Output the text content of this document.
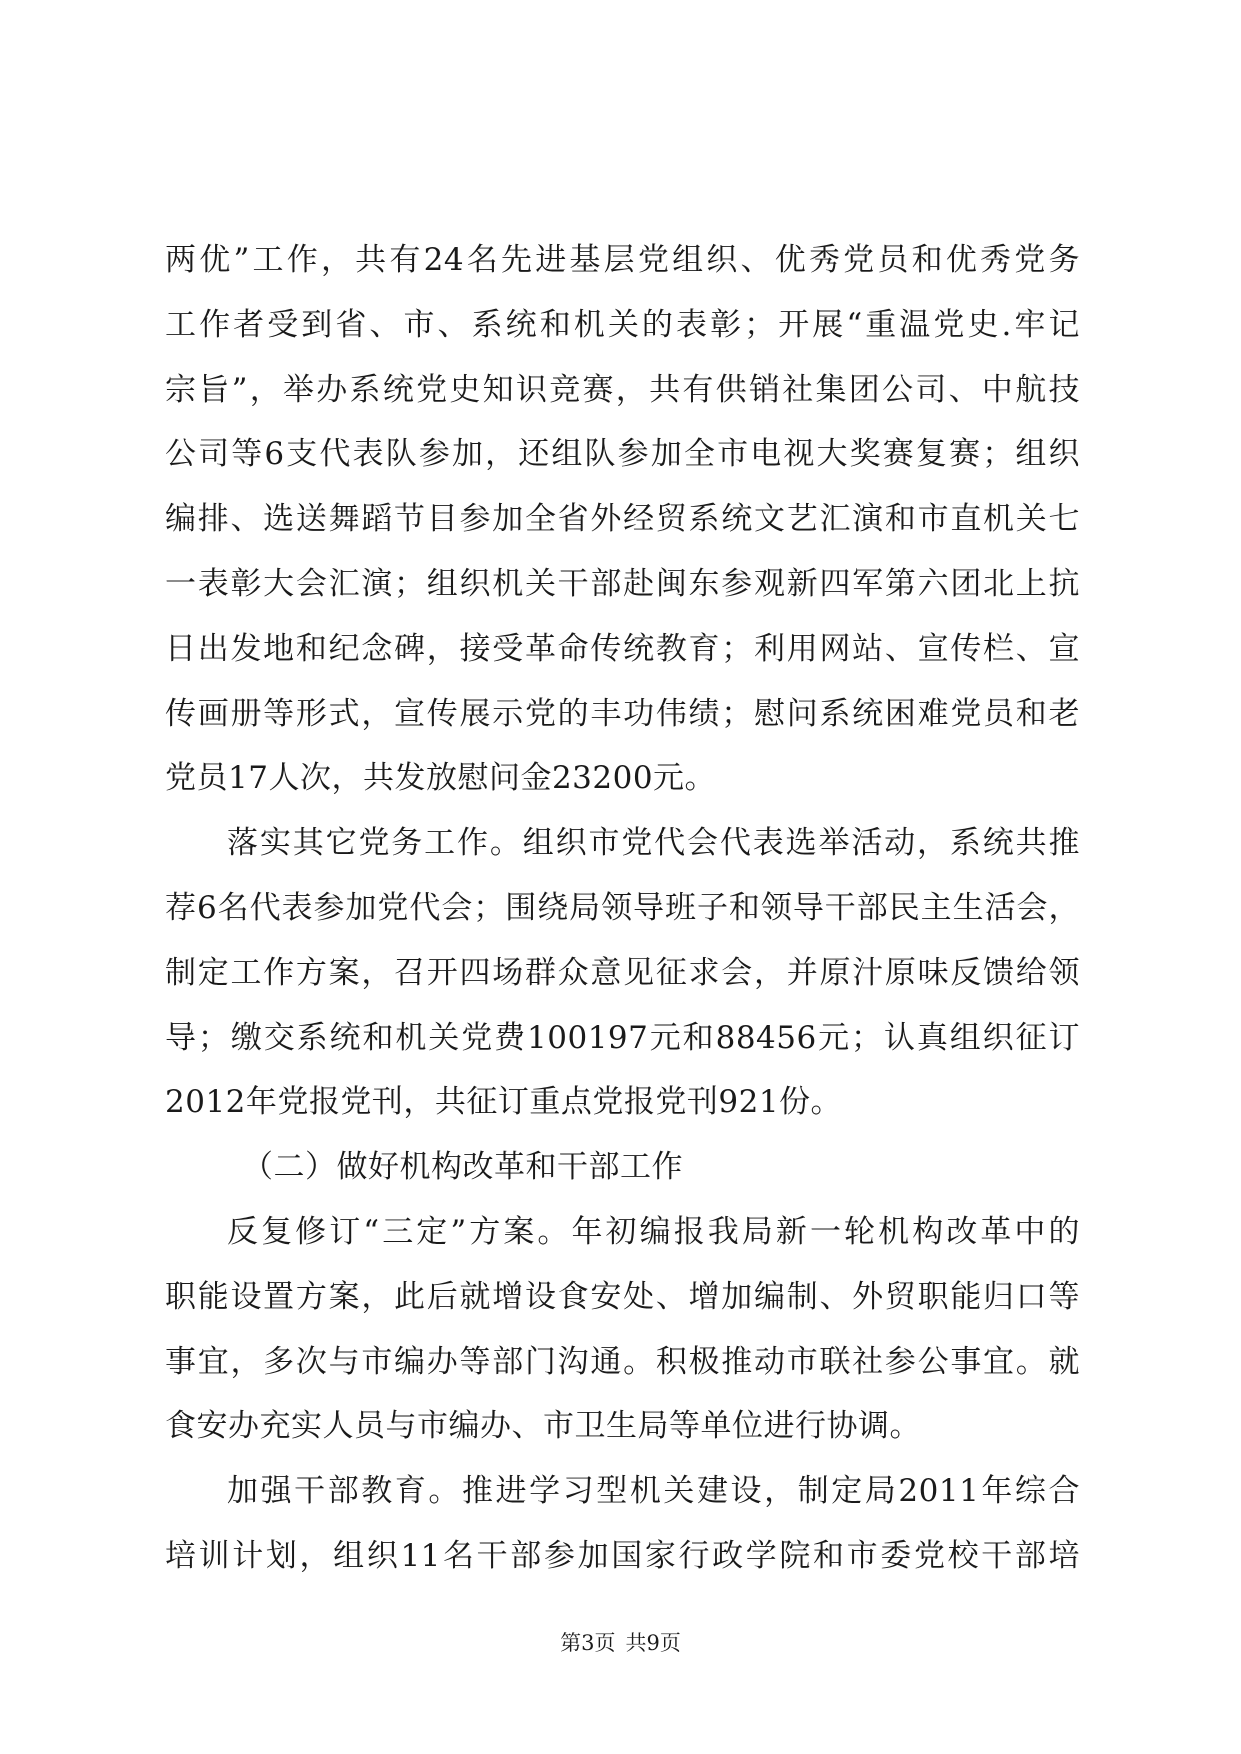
两优”工作，共有24名先进基层党组织、优秀党员和优秀党务
工作者受到省、市、系统和机关的表彰；开展“重温党史.牢记
宗旨”，举办系统党史知识竞赛，共有供销社集团公司、中航技
公司等6支代表队参加，还组队参加全市电视大奖赛复赛；组织
编排、选送舞蹈节目参加全省外经贸系统文艺汇演和市直机关七
一表彰大会汇演；组织机关干部赴闽东参观新四军第六团北上抗
日出发地和纪念碑，接受革命传统教育；利用网站、宣传栏、宣
传画册等形式，宣传展示党的丰功伟绩；慰问系统困难党员和老
党员17人次，共发放慰问金23200元。
落实其它党务工作。组织市党代会代表选举活动，系统共推
荐6名代表参加党代会；围绕局领导班子和领导干部民主生活会，
制定工作方案，召开四场群众意见征求会，并原汁原味反馈给领
导；缴交系统和机关党费100197元和88456元；认真组织征订
2012年党报党刊，共征订重点党报党刊921份。
（二）做好机构改革和干部工作
反复修订“三定”方案。年初编报我局新一轮机构改革中的
职能设置方案，此后就增设食安处、增加编制、外贸职能归口等
事宜，多次与市编办等部门沟通。积极推动市联社参公事宜。就
食安办充实人员与市编办、市卫生局等单位进行协调。
加强干部教育。推进学习型机关建设，制定局2011年综合
培训计划，组织11名干部参加国家行政学院和市委党校干部培
第3页 共9页
